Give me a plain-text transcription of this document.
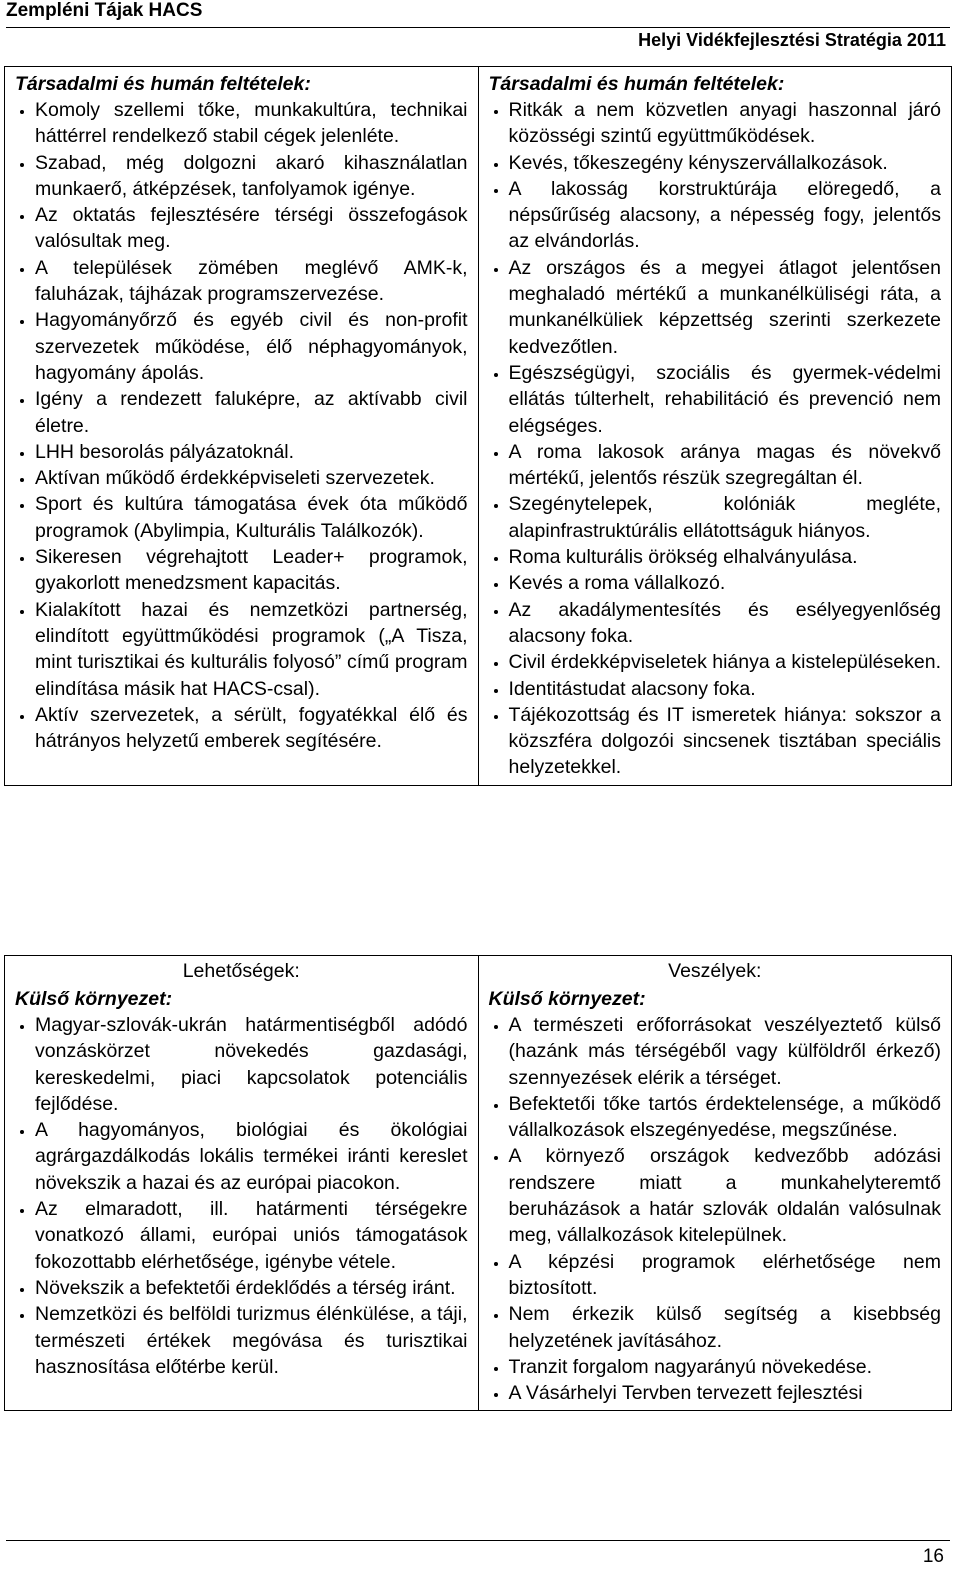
Zempléni Tájak HACS
Helyi Vidékfejlesztési Stratégia 2011
Társadalmi és humán feltételek:
• Komoly szellemi tőke, munkakultúra, technikai háttérrel rendelkező stabil cégek jelenléte.
• Szabad, még dolgozni akaró kihasználatlan munkaerő, átképzések, tanfolyamok igénye.
• Az oktatás fejlesztésére térségi összefogások valósultak meg.
• A települések zömében meglévő AMK-k, faluházak, tájházak programszervezése.
• Hagyományőrző és egyéb civil és non-profit szervezetek működése, élő néphagyományok, hagyomány ápolás.
• Igény a rendezett faluképre, az aktívabb civil életre.
• LHH besorolás pályázatoknál.
• Aktívan működő érdekképviseleti szervezetek.
• Sport és kultúra támogatása évek óta működő programok (Abylimpia, Kulturális Találkozók).
• Sikeresen végrehajtott Leader+ programok, gyakorlott menedzsment kapacitás.
• Kialakított hazai és nemzetközi partnerség, elindított együttműködési programok („A Tisza, mint turisztikai és kulturális folyosó” című program elindítása másik hat HACS-csal).
• Aktív szervezetek, a sérült, fogyatékkal élő és hátrányos helyzetű emberek segítésére.

Társadalmi és humán feltételek:
• Ritkák a nem közvetlen anyagi haszonnal járó közösségi szintű együttműködések.
• Kevés, tőkeszegény kényszervállalkozások.
• A lakosság korstruktúrája elöregedő, a népsűrűség alacsony, a népesség fogy, jelentős az elvándorlás.
• Az országos és a megyei átlagot jelentősen meghaladó mértékű a munkanélküliségi ráta, a munkanélküliek képzettség szerinti szerkezete kedvezőtlen.
• Egészségügyi, szociális és gyermek-védelmi ellátás túlterhelt, rehabilitáció és prevenció nem elégséges.
• A roma lakosok aránya magas és növekvő mértékű, jelentős részük szegregáltan él.
• Szegénytelepek, kolóniák megléte, alapinfrastruktúrális ellátottságuk hiányos.
• Roma kulturális örökség elhalványulása.
• Kevés a roma vállalkozó.
• Az akadálymentesítés és esélyegyenlőség alacsony foka.
• Civil érdekképviseletek hiánya a kistelepüléseken.
• Identitástudat alacsony foka.
• Tájékozottság és IT ismeretek hiánya: sokszor a közszféra dolgozói sincsenek tisztában speciális helyzetekkel.
Lehetőségek:
Külső környezet:
• Magyar-szlovák-ukrán határmentiségből adódó vonzáskörzet növekedés gazdasági, kereskedelmi, piaci kapcsolatok potenciális fejlődése.
• A hagyományos, biológiai és ökológiai agrárgazdálkodás lokális termékei iránti kereslet növekszik a hazai és az európai piacokon.
• Az elmaradott, ill. határmenti térségekre vonatkozó állami, európai uniós támogatások fokozottabb elérhetősége, igénybe vétele.
• Növekszik a befektetői érdeklődés a térség iránt.
• Nemzetközi és belföldi turizmus élénkülése, a táji, természeti értékek megóvása és turisztikai hasznosítása előtérbe kerül.

Veszélyek:
Külső környezet:
• A természeti erőforrásokat veszélyeztető külső (hazánk más térségéből vagy külföldről érkező) szennyezések elérik a térséget.
• Befektetői tőke tartós érdektelensége, a működő vállalkozások elszegényedése, megszűnése.
• A környező országok kedvezőbb adózási rendszere miatt a munkahelyteremtő beruházások a határ szlovák oldalán valósulnak meg, vállalkozások kitelepülnek.
• A képzési programok elérhetősége nem biztosított.
• Nem érkezik külső segítség a kisebbség helyzetének javításához.
• Tranzit forgalom nagyarányú növekedése.
• A Vásárhelyi Tervben tervezett fejlesztési
16
